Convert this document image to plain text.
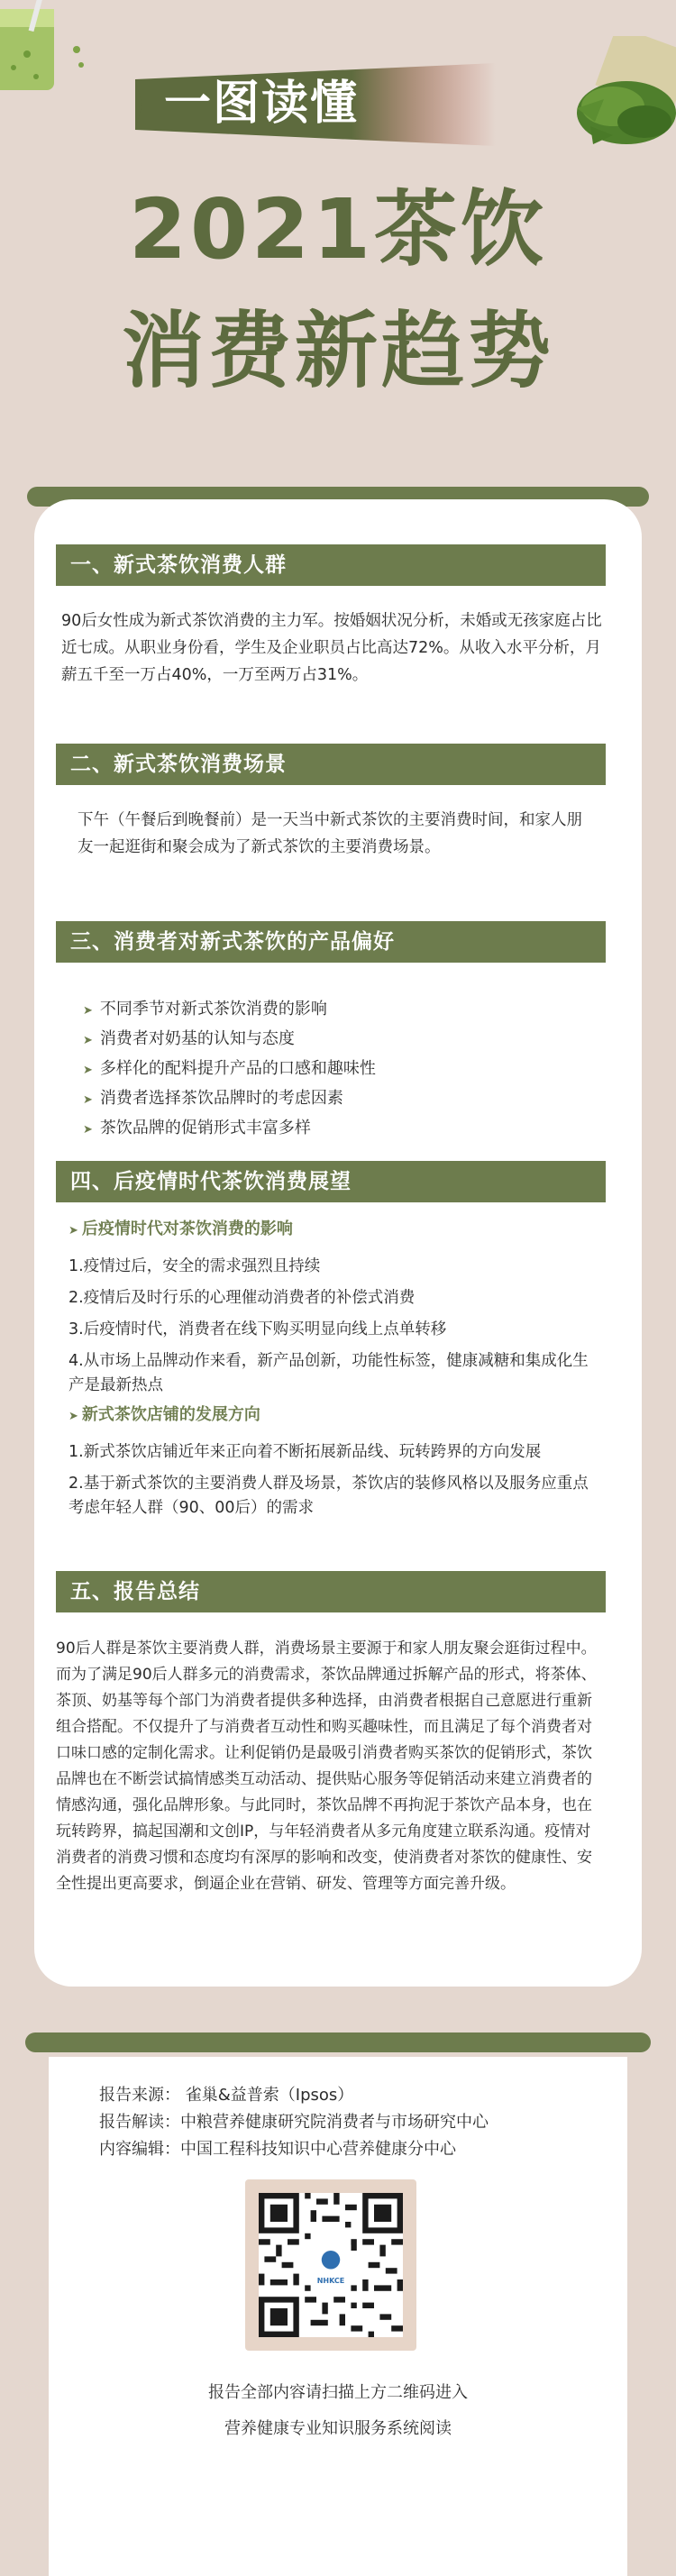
一图读懂
2021茶饮
消费新趋势
一、新式茶饮消费人群

90后女性成为新式茶饮消费的主力军。按婚姻状况分析，未婚或无孩家庭占比近七成。从职业身份看，学生及企业职员占比高达72%。从收入水平分析，月薪五千至一万占40%，一万至两万占31%。

二、新式茶饮消费场景

下午（午餐后到晚餐前）是一天当中新式茶饮的主要消费时间，和家人朋友一起逛街和聚会成为了新式茶饮的主要消费场景。

三、消费者对新式茶饮的产品偏好
➤ 不同季节对新式茶饮消费的影响
➤ 消费者对奶基的认知与态度
➤ 多样化的配料提升产品的口感和趣味性
➤ 消费者选择茶饮品牌时的考虑因素
➤ 茶饮品牌的促销形式丰富多样
四、后疫情时代茶饮消费展望
➤ 后疫情时代对茶饮消费的影响
1.疫情过后，安全的需求强烈且持续
2.疫情后及时行乐的心理催动消费者的补偿式消费
3.后疫情时代，消费者在线下购买明显向线上点单转移
4.从市场上品牌动作来看，新产品创新，功能性标签，健康减糖和集成化生产是最新热点
➤ 新式茶饮店铺的发展方向
1.新式茶饮店铺近年来正向着不断拓展新品线、玩转跨界的方向发展
2.基于新式茶饮的主要消费人群及场景，茶饮店的装修风格以及服务应重点考虑年轻人群（90、00后）的需求
五、报告总结

90后人群是茶饮主要消费人群，消费场景主要源于和家人朋友聚会逛街过程中。而为了满足90后人群多元的消费需求，茶饮品牌通过拆解产品的形式，将茶体、茶顶、奶基等每个部门为消费者提供多种选择，由消费者根据自己意愿进行重新组合搭配。不仅提升了与消费者互动性和购买趣味性，而且满足了每个消费者对口味口感的定制化需求。让利促销仍是最吸引消费者购买茶饮的促销形式，茶饮品牌也在不断尝试搞情感类互动活动、提供贴心服务等促销活动来建立消费者的情感沟通，强化品牌形象。与此同时，茶饮品牌不再拘泥于茶饮产品本身，也在玩转跨界，搞起国潮和文创IP，与年轻消费者从多元角度建立联系沟通。疫情对消费者的消费习惯和态度均有深厚的影响和改变，使消费者对茶饮的健康性、安全性提出更高要求，倒逼企业在营销、研发、管理等方面完善升级。

报告来源： 雀巢&益普索（Ipsos）
报告解读：中粮营养健康研究院消费者与市场研究中心
内容编辑：中国工程科技知识中心营养健康分中心
NHKCE
报告全部内容请扫描上方二维码进入
营养健康专业知识服务系统阅读
